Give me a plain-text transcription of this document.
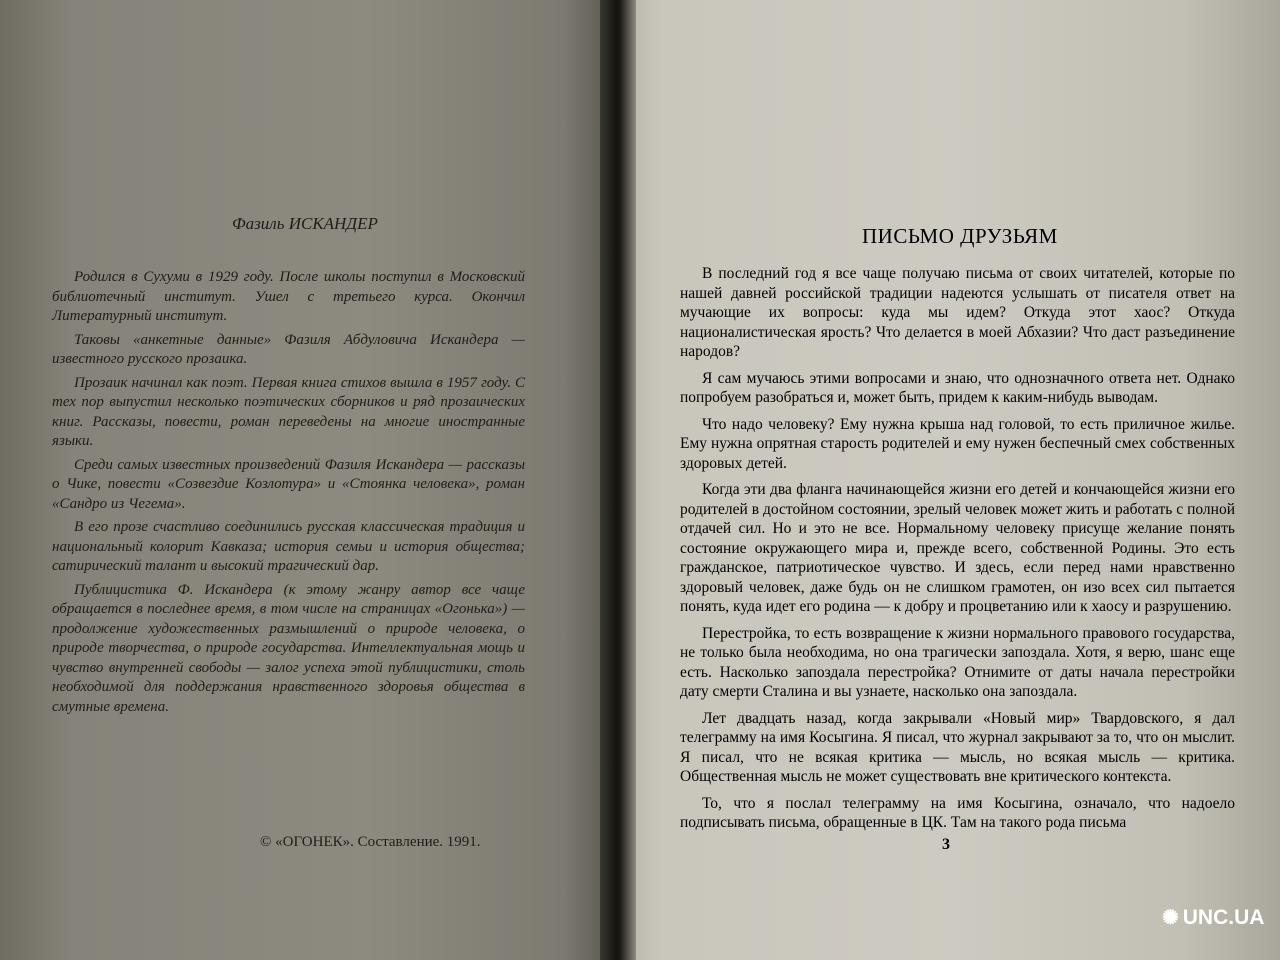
Фазиль ИСКАНДЕР

Родился в Сухуми в 1929 году. После школы поступил в Московский библиотечный институт. Ушел с третьего курса. Окончил Литературный институт.

Таковы «анкетные данные» Фазиля Абдуловича Искандера — известного русского прозаика.

Прозаик начинал как поэт. Первая книга стихов вышла в 1957 году. С тех пор выпустил несколько поэтических сборников и ряд прозаических книг. Рассказы, повести, роман переведены на многие иностранные языки.

Среди самых известных произведений Фазиля Искандера — рассказы о Чике, повести «Созвездие Козлотура» и «Стоянка человека», роман «Сандро из Чегема».

В его прозе счастливо соединились русская классическая традиция и национальный колорит Кавказа; история семьи и история общества; сатирический талант и высокий трагический дар.

Публицистика Ф. Искандера (к этому жанру автор все чаще обращается в последнее время, в том числе на страницах «Огонька») — продолжение художественных размышлений о природе человека, о природе творчества, о природе государства. Интеллектуальная мощь и чувство внутренней свободы — залог успеха этой публицистики, столь необходимой для поддержания нравственного здоровья общества в смутные времена.

© «ОГОНЕК». Составление. 1991.
ПИСЬМО ДРУЗЬЯМ

В последний год я все чаще получаю письма от своих читателей, которые по нашей давней российской традиции надеются услышать от писателя ответ на мучающие их вопросы: куда мы идем? Откуда этот хаос? Откуда националистическая ярость? Что делается в моей Абхазии? Что даст разъединение народов?

Я сам мучаюсь этими вопросами и знаю, что однозначного ответа нет. Однако попробуем разобраться и, может быть, придем к каким-нибудь выводам.

Что надо человеку? Ему нужна крыша над головой, то есть приличное жилье. Ему нужна опрятная старость родителей и ему нужен беспечный смех собственных здоровых детей.

Когда эти два фланга начинающейся жизни его детей и кончающейся жизни его родителей в достойном состоянии, зрелый человек может жить и работать с полной отдачей сил. Но и это не все. Нормальному человеку присуще желание понять состояние окружающего мира и, прежде всего, собственной Родины. Это есть гражданское, патриотическое чувство. И здесь, если перед нами нравственно здоровый человек, даже будь он не слишком грамотен, он изо всех сил пытается понять, куда идет его родина — к добру и процветанию или к хаосу и разрушению.

Перестройка, то есть возвращение к жизни нормального правового государства, не только была необходима, но она трагически запоздала. Хотя, я верю, шанс еще есть. Насколько запоздала перестройка? Отнимите от даты начала перестройки дату смерти Сталина и вы узнаете, насколько она запоздала.

Лет двадцать назад, когда закрывали «Новый мир» Твардовского, я дал телеграмму на имя Косыгина. Я писал, что журнал закрывают за то, что он мыслит. Я писал, что не всякая критика — мысль, но всякая мысль — критика. Общественная мысль не может существовать вне критического контекста.

То, что я послал телеграмму на имя Косыгина, означало, что надоело подписывать письма, обращенные в ЦК. Там на такого рода письма

3
✺ UNC.UA
